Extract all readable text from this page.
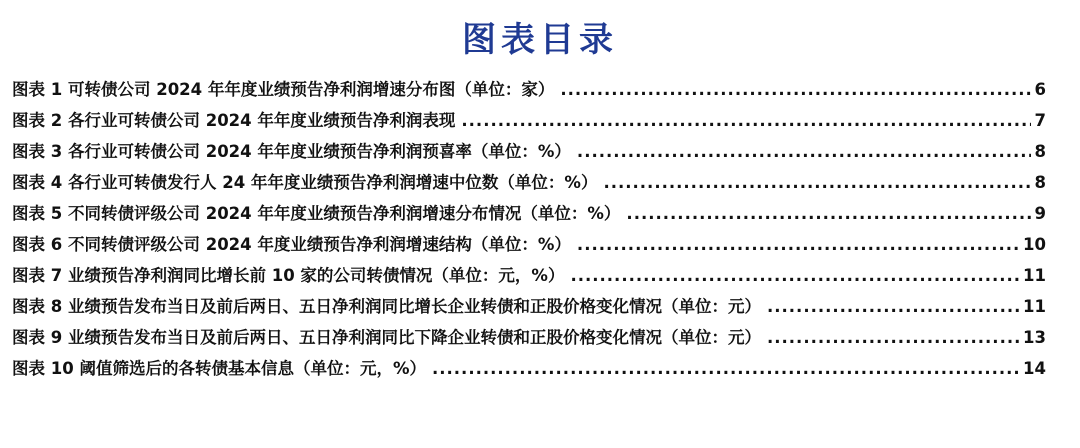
图表目录
图表 1 可转债公司 2024 年年度业绩预告净利润增速分布图（单位：家） .....	6
图表 2 各行业可转债公司 2024 年年度业绩预告净利润表现 .....	7
图表 3 各行业可转债公司 2024 年年度业绩预告净利润预喜率（单位：%） .....	8
图表 4 各行业可转债发行人 24 年年度业绩预告净利润增速中位数（单位：%） .....	8
图表 5 不同转债评级公司 2024 年年度业绩预告净利润增速分布情况（单位：%） .....	9
图表 6 不同转债评级公司 2024 年度业绩预告净利润增速结构（单位：%） .....	10
图表 7 业绩预告净利润同比增长前 10 家的公司转债情况（单位：元，%） .....	11
图表 8 业绩预告发布当日及前后两日、五日净利润同比增长企业转债和正股价格变化情况（单位：元） .....	11
图表 9 业绩预告发布当日及前后两日、五日净利润同比下降企业转债和正股价格变化情况（单位：元） .....	13
图表 10 阈值筛选后的各转债基本信息（单位：元，%） .....	14
